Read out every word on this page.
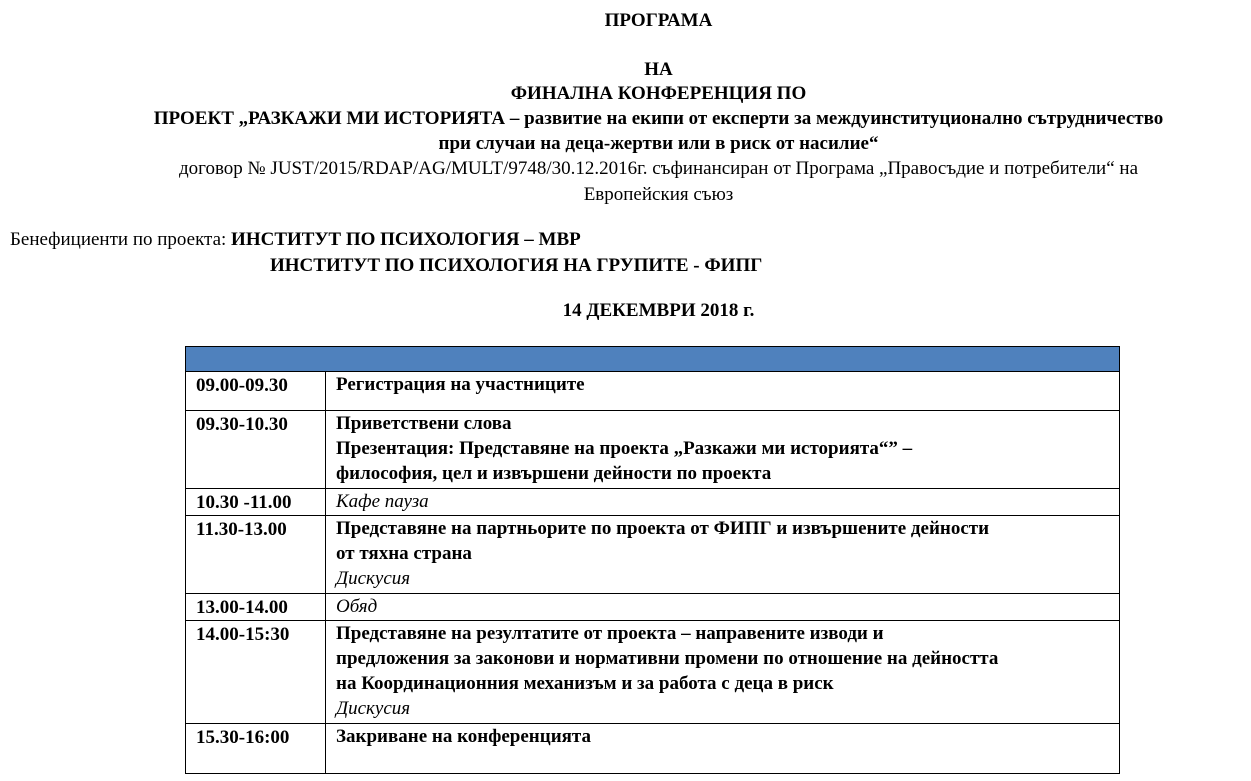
ПРОГРАМА
НА
ФИНАЛНА КОНФЕРЕНЦИЯ ПО
ПРОЕКТ „РАЗКАЖИ МИ ИСТОРИЯТА – развитие на екипи от експерти за междуинституционално сътрудничество
при случаи на деца-жертви или в риск от насилие“
договор № JUST/2015/RDAP/AG/MULT/9748/30.12.2016г. съфинансиран от Програма „Правосъдие и потребители“ на
Европейския съюз
Бенефициенти по проекта: ИНСТИТУТ ПО ПСИХОЛОГИЯ – МВР
ИНСТИТУТ ПО ПСИХОЛОГИЯ НА ГРУПИТЕ - ФИПГ
14 ДЕКЕМВРИ 2018 г.

09.00-09.30	Регистрация на участниците

09.30-10.30	Приветствени слова
Презентация: Представяне на проекта „Разкажи ми историята“” –
философия, цел и извършени дейности по проекта

10.30 -11.00	Кафе пауза

11.30-13.00	Представяне на партньорите по проекта от ФИПГ и извършените дейности
от тяхна страна
Дискусия

13.00-14.00	Обяд

14.00-15:30	Представяне на резултатите от проекта – направените изводи и
предложения за законови и нормативни промени по отношение на дейността
на Координационния механизъм и за работа с деца в риск
Дискусия

15.30-16:00	Закриване на конференцията
